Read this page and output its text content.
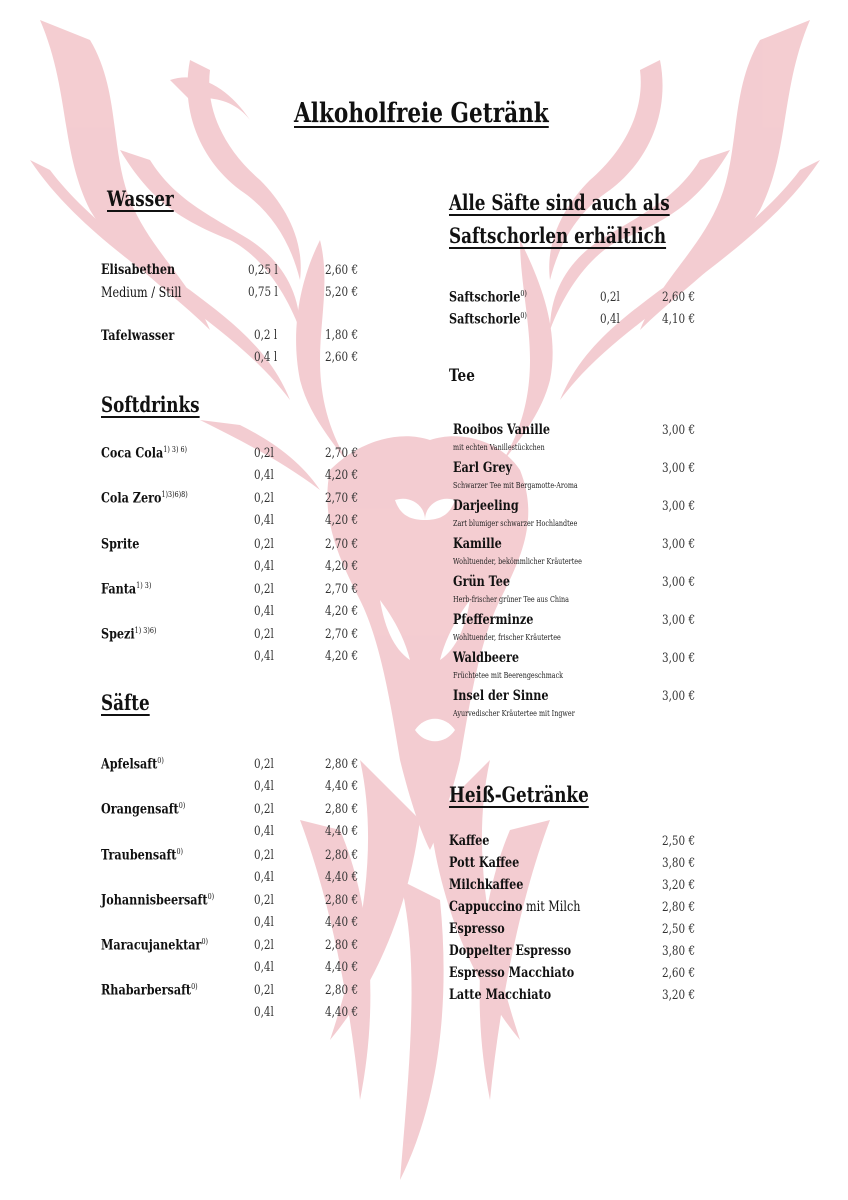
Alkoholfreie Getränk
Wasser
Elisabethen	0,25 l	2,60 €
Medium / Still	0,75 l	5,20 €
Tafelwasser	0,2 l	1,80 €
0,4 l	2,60 €
Softdrinks
Säfte
Alle Säfte sind auch als
Saftschorlen erhältlich
Tee
Heiß-Getränke
Coca Cola$^{1) 3) 6)}$	0,2l	2,70 €
0,4l	4,20 €
Cola Zero$^{1)3)6)8)}$	0,2l	2,70 €
0,4l	4,20 €
Sprite	0,2l	2,70 €
0,4l	4,20 €
Fanta$^{1) 3)}$	0,2l	2,70 €
0,4l	4,20 €
Spezi$^{1) 3)6)}$	0,2l	2,70 €
0,4l	4,20 €
Apfelsaft$^{0)}$	0,2l	2,80 €
0,4l	4,40 €
Orangensaft$^{0)}$	0,2l	2,80 €
0,4l	4,40 €
Traubensaft$^{0)}$	0,2l	2,80 €
0,4l	4,40 €
Johannisbeersaft$^{0)}$	0,2l	2,80 €
0,4l	4,40 €
Maracujanektar$^{0)}$	0,2l	2,80 €
0,4l	4,40 €
Rhabarbersaft$^{0)}$	0,2l	2,80 €
0,4l	4,40 €
Saftschorle$^{0)}$	0,2l	2,60 €
Saftschorle$^{0)}$	0,4l	4,10 €
Rooibos Vanille	3,00 €
mit echten Vanillestückchen
Earl Grey	3,00 €
Schwarzer Tee mit Bergamotte-Aroma
Darjeeling	3,00 €
Zart blumiger schwarzer Hochlandtee
Kamille	3,00 €
Wohltuender, bekömmlicher Kräutertee
Grün Tee	3,00 €
Herb-frischer grüner Tee aus China
Pfefferminze	3,00 €
Wohltuender, frischer Kräutertee
Waldbeere	3,00 €
Früchtetee mit Beerengeschmack
Insel der Sinne	3,00 €
Ayurvedischer Kräutertee mit Ingwer
Kaffee	2,50 €
Pott Kaffee	3,80 €
Milchkaffee	3,20 €
Cappuccino mit Milch	2,80 €
Espresso	2,50 €
Doppelter Espresso	3,80 €
Espresso Macchiato	2,60 €
Latte Macchiato	3,20 €
